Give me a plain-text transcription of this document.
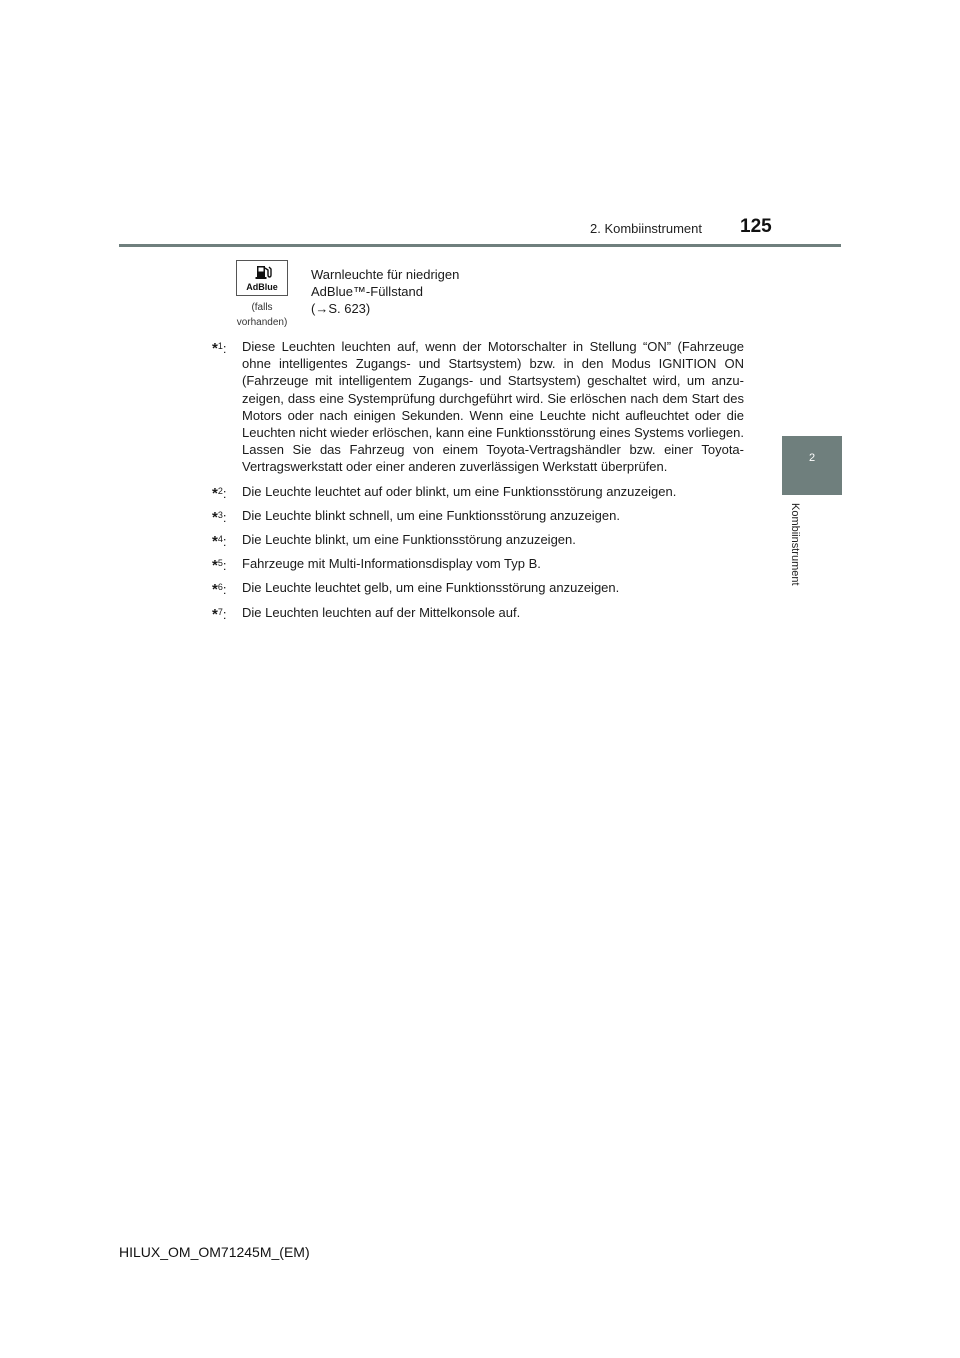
2. Kombiinstrument 125
2
Kombiinstrument
AdBlue
(falls vorhanden)
Warnleuchte für niedrigen
AdBlue™-Füllstand
(→S. 623)
*$^1$:	Diese Leuchten leuchten auf, wenn der Motorschalter in Stellung “ON” (Fahrzeuge ohne intelligentes Zugangs- und Startsystem) bzw. in den Modus IGNITION ON (Fahrzeuge mit intelligentem Zugangs- und Startsystem) geschaltet wird, um anzu-zeigen, dass eine Systemprüfung durchgeführt wird. Sie erlöschen nach dem Start des Motors oder nach einigen Sekunden. Wenn eine Leuchte nicht aufleuchtet oder die Leuchten nicht wieder erlöschen, kann eine Funktionsstörung eines Systems vorliegen. Lassen Sie das Fahrzeug von einem Toyota-Vertragshändler bzw. einer Toyota-Vertragswerkstatt oder einer anderen zuverlässigen Werkstatt überprüfen.
*$^2$:	Die Leuchte leuchtet auf oder blinkt, um eine Funktionsstörung anzuzeigen.
*$^3$:	Die Leuchte blinkt schnell, um eine Funktionsstörung anzuzeigen.
*$^4$:	Die Leuchte blinkt, um eine Funktionsstörung anzuzeigen.
*$^5$:	Fahrzeuge mit Multi-Informationsdisplay vom Typ B.
*$^6$:	Die Leuchte leuchtet gelb, um eine Funktionsstörung anzuzeigen.
*$^7$:	Die Leuchten leuchten auf der Mittelkonsole auf.
HILUX_OM_OM71245M_(EM)
